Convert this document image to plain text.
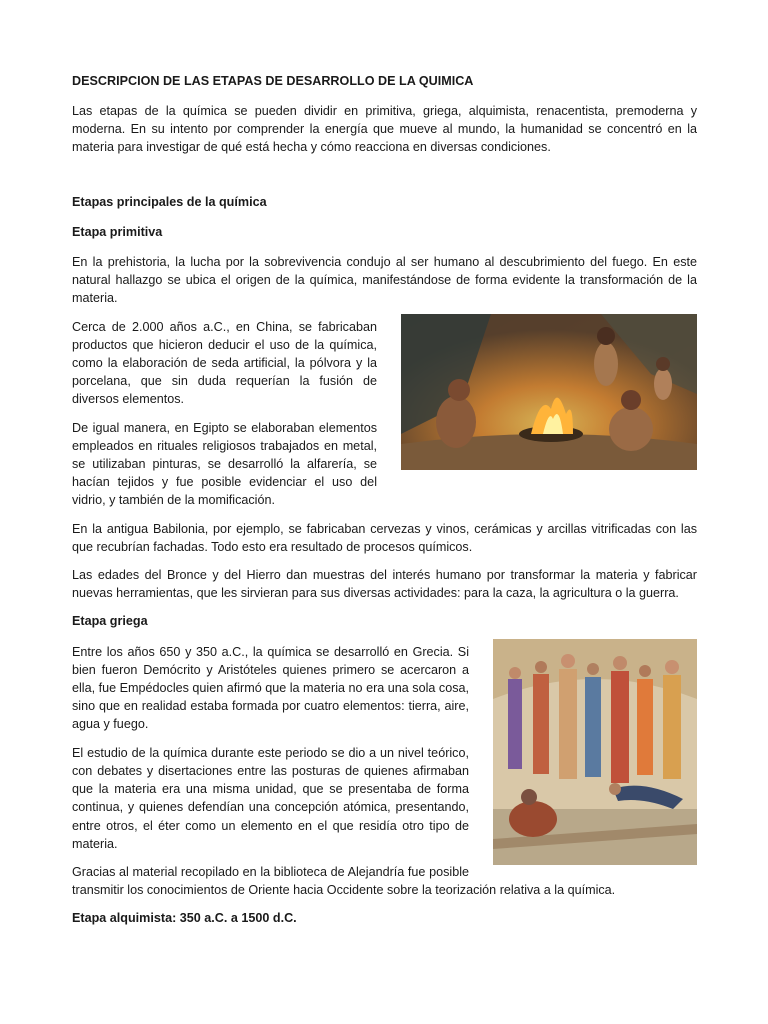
DESCRIPCION DE LAS ETAPAS DE DESARROLLO DE LA QUIMICA

Las etapas de la química se pueden dividir en primitiva, griega, alquimista, renacentista, premoderna y moderna. En su intento por comprender la energía que mueve al mundo, la humanidad se concentró en la materia para investigar de qué está hecha y cómo reacciona en diversas condiciones.

Etapas principales de la química
Etapa primitiva

En la prehistoria, la lucha por la sobrevivencia condujo al ser humano al descubrimiento del fuego. En este natural hallazgo se ubica el origen de la química, manifestándose de forma evidente la transformación de la materia.

Cerca de 2.000 años a.C., en China, se fabricaban productos que hicieron deducir el uso de la química, como la elaboración de seda artificial, la pólvora y la porcelana, que sin duda requerían la fusión de diversos elementos.

De igual manera, en Egipto se elaboraban elementos empleados en rituales religiosos trabajados en metal, se utilizaban pinturas, se desarrolló la alfarería, se hacían tejidos y fue posible evidenciar el uso del vidrio, y también de la momificación.

En la antigua Babilonia, por ejemplo, se fabricaban cervezas y vinos, cerámicas y arcillas vitrificadas con las que recubrían fachadas. Todo esto era resultado de procesos químicos.

Las edades del Bronce y del Hierro dan muestras del interés humano por transformar la materia y fabricar nuevas herramientas, que les sirvieran para sus diversas actividades: para la caza, la agricultura o la guerra.

Etapa griega

Entre los años 650 y 350 a.C., la química se desarrolló en Grecia. Si bien fueron Demócrito y Aristóteles quienes primero se acercaron a ella, fue Empédocles quien afirmó que la materia no era una sola cosa, sino que en realidad estaba formada por cuatro elementos: tierra, aire, agua y fuego.

El estudio de la química durante este periodo se dio a un nivel teórico, con debates y disertaciones entre las posturas de quienes afirmaban que la materia era una misma unidad, que se presentaba de forma continua, y quienes defendían una concepción atómica, presentando, entre otros, el éter como un elemento en el que residía otro tipo de materia.

Gracias al material recopilado en la biblioteca de Alejandría fue posible transmitir los conocimientos de Oriente hacia Occidente sobre la teorización relativa a la química.

Etapa alquimista: 350 a.C. a 1500 d.C.
